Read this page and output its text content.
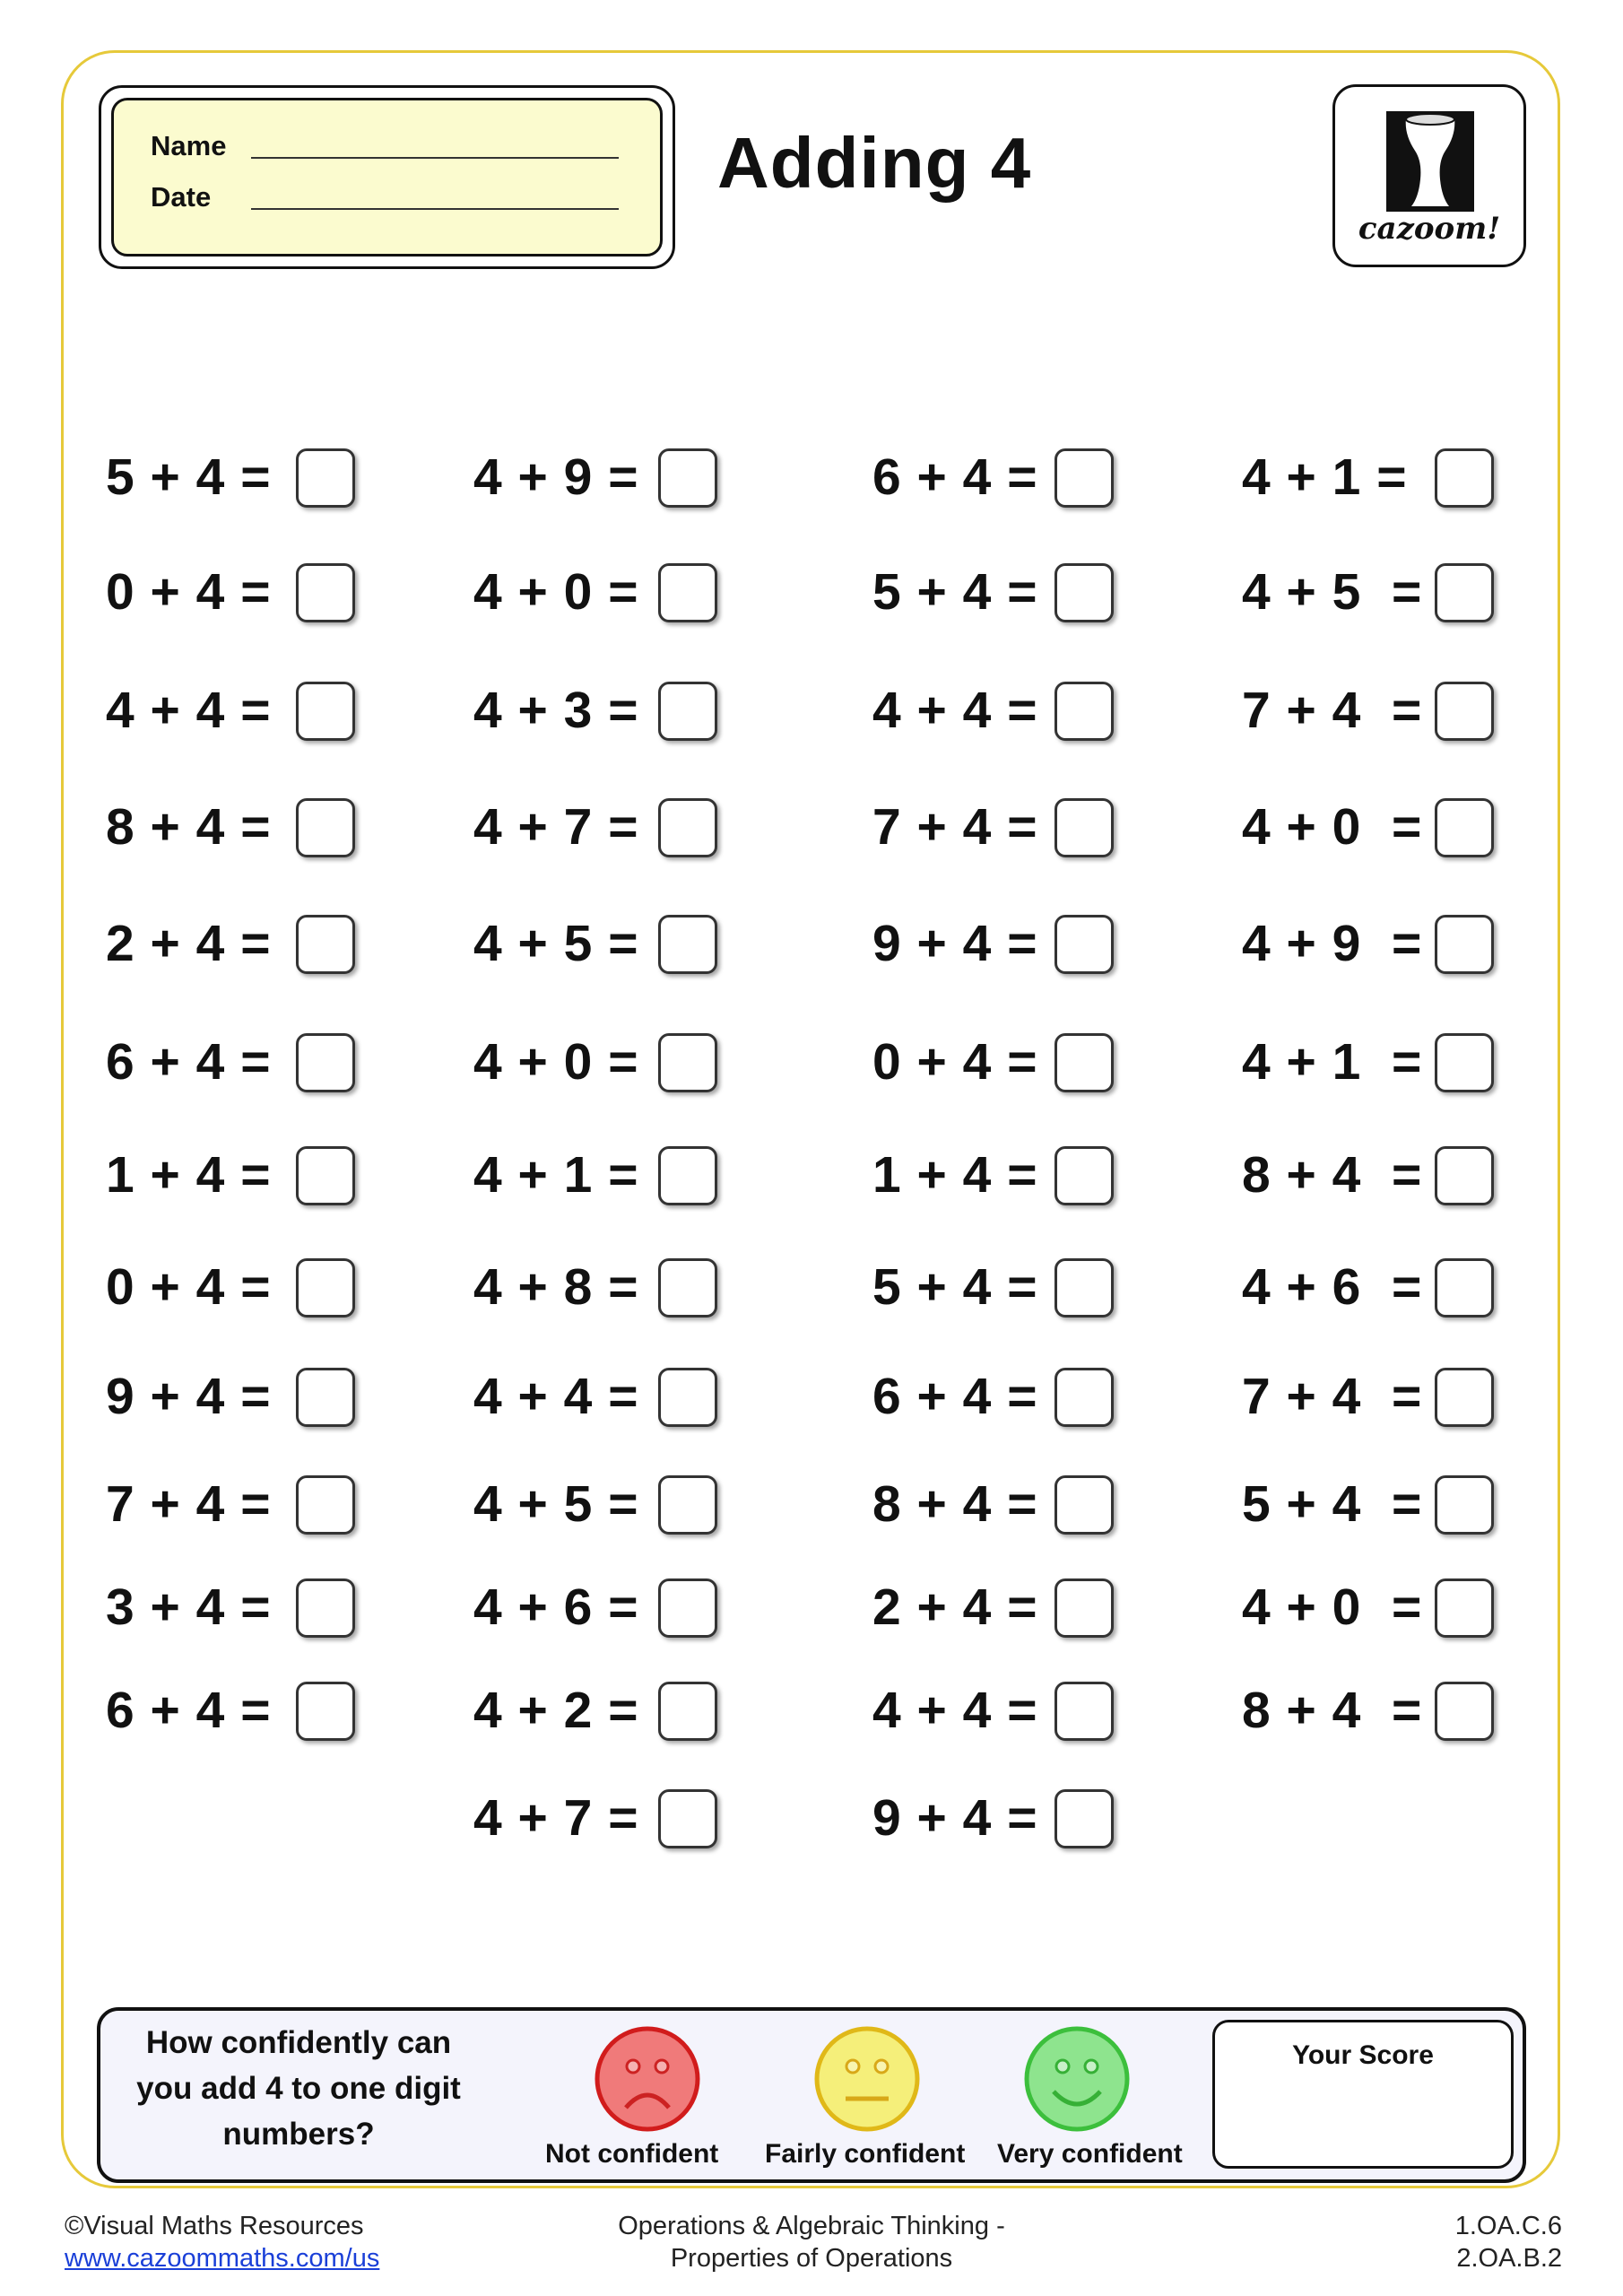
Name
Date	Adding 4
cazoom!
5 + 4 =
0 + 4 =
4 + 4 =
8 + 4 =
2 + 4 =
6 + 4 =
1 + 4 =
0 + 4 =
9 + 4 =
7 + 4 =
3 + 4 =
6 + 4 =
4 + 9 =
4 + 0 =
4 + 3 =
4 + 7 =
4 + 5 =
4 + 0 =
4 + 1 =
4 + 8 =
4 + 4 =
4 + 5 =
4 + 6 =
4 + 2 =
4 + 7 =
6 + 4 =
5 + 4 =
4 + 4 =
7 + 4 =
9 + 4 =
0 + 4 =
1 + 4 =
5 + 4 =
6 + 4 =
8 + 4 =
2 + 4 =
4 + 4 =
9 + 4 =
4 + 1 =
4 + 5  =
7 + 4  =
4 + 0  =
4 + 9  =
4 + 1  =
8 + 4  =
4 + 6  =
7 + 4  =
5 + 4  =
4 + 0  =
8 + 4  =
How confidently can you add 4 to one digit numbers?
Not confident Fairly confident Very confident
Your Score
©Visual Maths Resources
www.cazoommaths.com/us
Operations & Algebraic Thinking -
Properties of Operations
1.OA.C.6
2.OA.B.2
